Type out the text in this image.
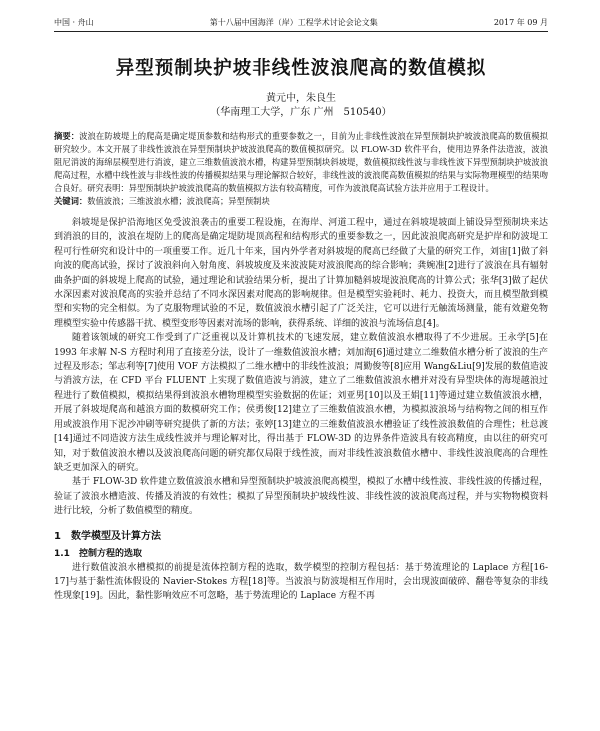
中国 · 舟山	第十八届中国海洋（岸）工程学术讨论会论文集	2017 年 09 月
异型预制块护坡非线性波浪爬高的数值模拟
黄元中，朱良生
（华南理工大学，广东 广州　510540）
摘要：波浪在防坡堤上的爬高是确定堤顶参数和结构形式的重要参数之一，目前为止非线性波浪在异型预制块护坡波浪爬高的数值模拟研究较少。本文开展了非线性波浪在异型预制块护坡波浪爬高的数值模拟研究。以 FLOW-3D 软件平台，使用边界条件法造波，波浪阻尼消波的海绵层模型进行消波，建立三维数值波浪水槽，构建异型预制块斜坡堤，数值模拟线性波与非线性波下异型预制块护坡波浪爬高过程，水槽中线性波与非线性波的传播模拟结果与理论解拟合较好，非线性波的波浪爬高数值模拟的结果与实际物理模型的结果吻合良好。研究表明：异型预制块护坡波浪爬高的数值模拟方法有较高精度，可作为波浪爬高试验方法并应用于工程设计。
关键词：数值波浪；三维波浪水槽；波浪爬高；异型预制块

斜坡堤是保护沿海地区免受波浪袭击的重要工程设施，在海岸、河道工程中，通过在斜坡堤坡面上铺设异型预制块来达到消浪的目的，波浪在堤防上的爬高是确定堤防堤顶高程和结构形式的重要参数之一，因此波浪爬高研究是护岸和防波堤工程可行性研究和设计中的一项重要工作。近几十年来，国内外学者对斜坡堤的爬高已经做了大量的研究工作，刘宙[1]做了斜向波的爬高试验，探讨了波浪斜向入射角度、斜坡坡度及来波波陡对波浪爬高的综合影响；龚婉准[2]进行了波浪在具有辐射曲条护面的斜坡堤上爬高的试验，通过理论和试验结果分析，提出了计算加糙斜坡堤波浪爬高的计算公式；张华[3]做了起伏水深因素对波浪爬高的实验并总结了不同水深因素对爬高的影响规律。但是模型实验耗时、耗力、投资大，而且模型散到模型和实物的完全相似。为了克服物理试验的不足，数值波浪水槽引起了广泛关注，它可以进行无触流场测量，能有效避免物理模型实验中传感器干扰、模型变形等因素对流场的影响，获得系统、详细的波浪与流场信息[4]。

随着该领域的研究工作受到了广泛重视以及计算机技术的飞速发展，建立数值波浪水槽取得了不少进展。王永学[5]在 1993 年求解 N-S 方程时利用了直接差分法，设计了一维数值波浪水槽；刘加海[6]通过建立二维数值水槽分析了波浪的生产过程及形态；邹志利等[7]使用 VOF 方法模拟了二维水槽中的非线性波浪；周勤俊等[8]应用 Wang&Liu[9]发展的数值造波与消波方法，在 CFD 平台 FLUENT 上实现了数值造波与消波，建立了二维数值波浪水槽并对没有异型块体的海堤越浪过程进行了数值模拟，模拟结果得到波浪水槽物理模型实验数据的佐证；刘亚男[10]以及王娟[11]等通过建立数值波浪水槽，开展了斜坡堤爬高和越浪方面的数模研究工作；侯勇俊[12]建立了三维数值波浪水槽，为模拟波浪场与结构物之间的相互作用或波浪作用下泥沙冲刷等研究提供了新的方法；张婷[13]建立的三维数值波浪水槽验证了线性波浪数值的合理性；杜总渡[14]通过不同造波方法生成线性波并与理论解对比，得出基于 FLOW-3D 的边界条件造波具有较高精度，由以往的研究可知，对于数值波浪水槽以及波浪爬高问题的研究都仅局限于线性波，而对非线性波浪数值水槽中、非线性波浪爬高的合理性缺乏更加深入的研究。

基于 FLOW-3D 软件建立数值波浪水槽和异型预制块护坡波浪爬高模型，模拟了水槽中线性波、非线性波的传播过程，验证了波浪水槽造波、传播及消波的有效性；模拟了异型预制块护坡线性波、非线性波的波浪爬高过程，并与实物物模资料进行比较，分析了数值模型的精度。

1　数学模型及计算方法
1.1　控制方程的选取

进行数值波浪水槽模拟的前提是流体控制方程的选取，数学模型的控制方程包括：基于势流理论的 Laplace 方程[16-17]与基于黏性流体假设的 Navier-Stokes 方程[18]等。当波浪与防波堤相互作用时，会出现波面破碎、翻卷等复杂的非线性现象[19]。因此，黏性影响效应不可忽略，基于势流理论的 Laplace 方程不再
